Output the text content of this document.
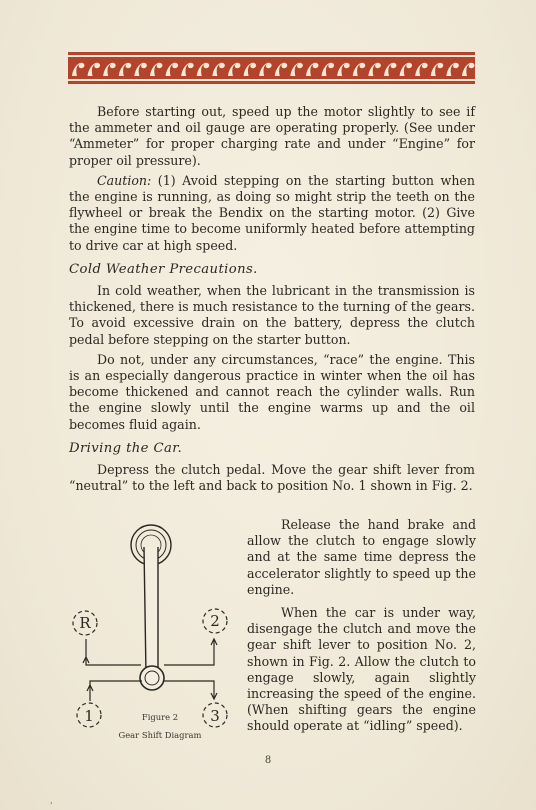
Before starting out, speed up the motor slightly to see if the ammeter and oil gauge are operating properly. (See under “Ammeter” for proper charging rate and under “Engine” for proper oil pressure).

Caution: (1) Avoid stepping on the starting button when the engine is running, as doing so might strip the teeth on the flywheel or break the Bendix on the starting motor. (2) Give the engine time to become uniformly heated before attempting to drive car at high speed.

Cold Weather Precautions.

In cold weather, when the lubricant in the transmission is thickened, there is much resistance to the turning of the gears. To avoid excessive drain on the battery, depress the clutch pedal before stepping on the starter button.

Do not, under any circumstances, “race” the engine. This is an especially dangerous practice in winter when the oil has become thickened and cannot reach the cylinder walls. Run the engine slowly until the engine warms up and the oil becomes fluid again.

Driving the Car.

Depress the clutch pedal. Move the gear shift lever from “neutral” to the left and back to position No. 1 shown in Fig. 2.

R	2
1	3
Figure 2
Gear Shift Diagram

Release the hand brake and allow the clutch to engage slowly and at the same time depress the accelerator slightly to speed up the engine.

When the car is under way, disengage the clutch and move the gear shift lever to position No. 2, shown in Fig. 2. Allow the clutch to engage slowly, again slightly increasing the speed of the engine. (When shifting gears the engine should operate at “idling” speed).

8
,
